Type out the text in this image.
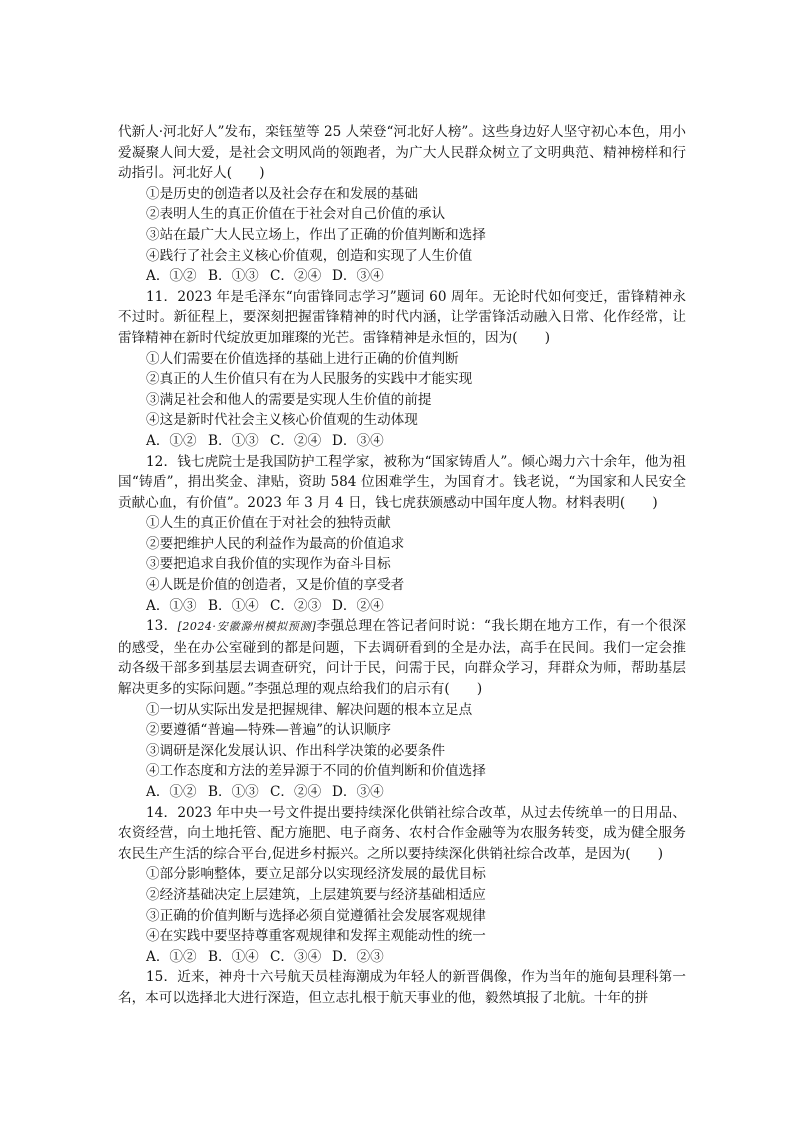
代新人·河北好人”发布，栾钰堃等 25 人荣登“河北好人榜”。这些身边好人坚守初心本色，用小爱凝聚人间大爱，是社会文明风尚的领跑者，为广大人民群众树立了文明典范、精神榜样和行动指引。河北好人(　　)

①是历史的创造者以及社会存在和发展的基础

②表明人生的真正价值在于社会对自己价值的承认

③站在最广大人民立场上，作出了正确的价值判断和选择

④践行了社会主义核心价值观，创造和实现了人生价值

A．①② B．①③ C．②④ D．③④

11．2023 年是毛泽东“向雷锋同志学习”题词 60 周年。无论时代如何变迁，雷锋精神永不过时。新征程上，要深刻把握雷锋精神的时代内涵，让学雷锋活动融入日常、化作经常，让雷锋精神在新时代绽放更加璀璨的光芒。雷锋精神是永恒的，因为(　　)

①人们需要在价值选择的基础上进行正确的价值判断

②真正的人生价值只有在为人民服务的实践中才能实现

③满足社会和他人的需要是实现人生价值的前提

④这是新时代社会主义核心价值观的生动体现

A．①② B．①③ C．②④ D．③④

12．钱七虎院士是我国防护工程学家，被称为“国家铸盾人”。倾心竭力六十余年，他为祖国“铸盾”，捐出奖金、津贴，资助 584 位困难学生，为国育才。钱老说，“为国家和人民安全贡献心血，有价值”。2023 年 3 月 4 日，钱七虎获颁感动中国年度人物。材料表明(　　)

①人生的真正价值在于对社会的独特贡献

②要把维护人民的利益作为最高的价值追求

③要把追求自我价值的实现作为奋斗目标

④人既是价值的创造者，又是价值的享受者

A．①③ B．①④ C．②③ D．②④

13．[2024·安徽滁州模拟预测]李强总理在答记者问时说：“我长期在地方工作，有一个很深的感受，坐在办公室碰到的都是问题，下去调研看到的全是办法，高手在民间。我们一定会推动各级干部多到基层去调查研究，问计于民，问需于民，向群众学习，拜群众为师，帮助基层解决更多的实际问题。”李强总理的观点给我们的启示有(　　)

①一切从实际出发是把握规律、解决问题的根本立足点

②要遵循“普遍—特殊—普遍”的认识顺序

③调研是深化发展认识、作出科学决策的必要条件

④工作态度和方法的差异源于不同的价值判断和价值选择

A．①② B．①③ C．②④ D．③④

14．2023 年中央一号文件提出要持续深化供销社综合改革，从过去传统单一的日用品、农资经营，向土地托管、配方施肥、电子商务、农村合作金融等为农服务转变，成为健全服务农民生产生活的综合平台,促进乡村振兴。之所以要持续深化供销社综合改革，是因为(　　)

①部分影响整体，要立足部分以实现经济发展的最优目标

②经济基础决定上层建筑，上层建筑要与经济基础相适应

③正确的价值判断与选择必须自觉遵循社会发展客观规律

④在实践中要坚持尊重客观规律和发挥主观能动性的统一

A．①② B．①④ C．③④ D．②③

15．近来，神舟十六号航天员桂海潮成为年轻人的新晋偶像，作为当年的施甸县理科第一名，本可以选择北大进行深造，但立志扎根于航天事业的他，毅然填报了北航。十年的拼
